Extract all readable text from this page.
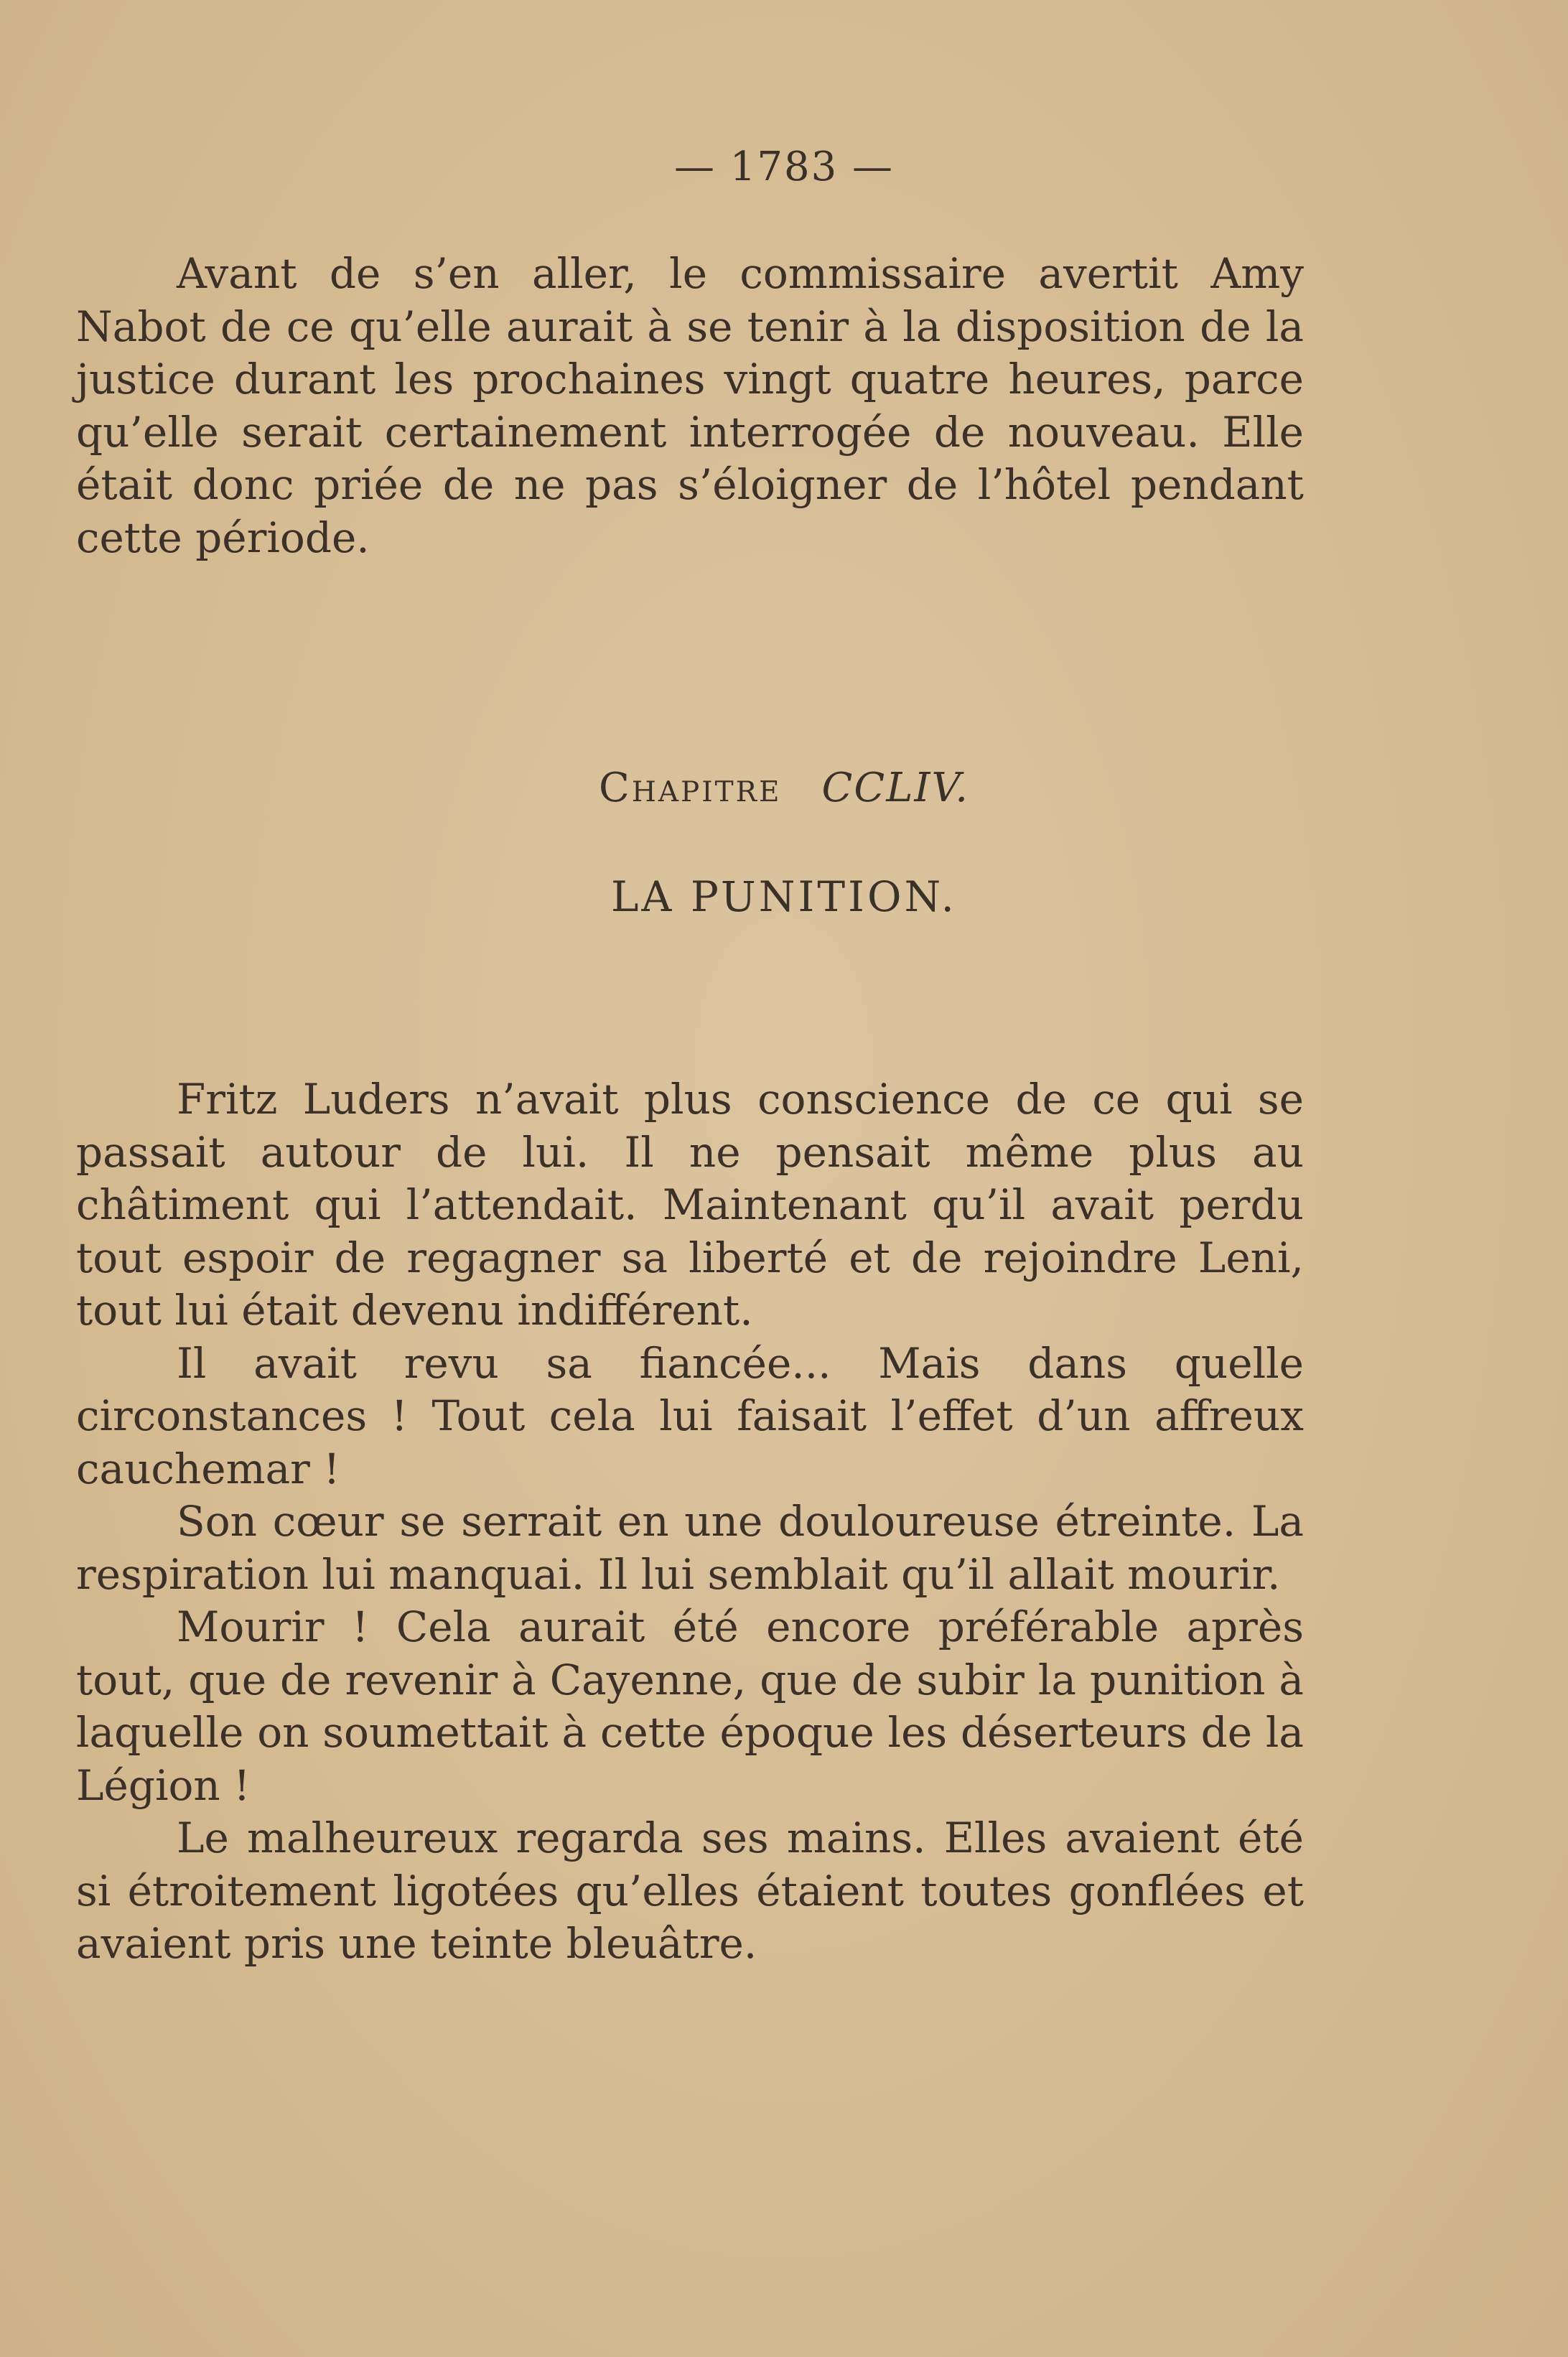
— 1783 —

Avant de s’en aller, le commissaire avertit Amy Nabot de ce qu’elle aurait à se tenir à la disposition de la justice durant les prochaines vingt quatre heures, parce qu’elle serait certainement interrogée de nouveau. Elle était donc priée de ne pas s’éloigner de l’hôtel pendant cette période.

Chapitre CCLIV.
LA PUNITION.

Fritz Luders n’avait plus conscience de ce qui se passait autour de lui. Il ne pensait même plus au châtiment qui l’attendait. Maintenant qu’il avait perdu tout espoir de regagner sa liberté et de rejoindre Leni, tout lui était devenu indifférent.

Il avait revu sa fiancée... Mais dans quelle circonstances ! Tout cela lui faisait l’effet d’un affreux cauchemar !

Son cœur se serrait en une douloureuse étreinte. La respiration lui manquai. Il lui semblait qu’il allait mourir.

Mourir ! Cela aurait été encore préférable après tout, que de revenir à Cayenne, que de subir la punition à laquelle on soumettait à cette époque les déserteurs de la Légion !

Le malheureux regarda ses mains. Elles avaient été si étroitement ligotées qu’elles étaient toutes gonflées et avaient pris une teinte bleuâtre.
